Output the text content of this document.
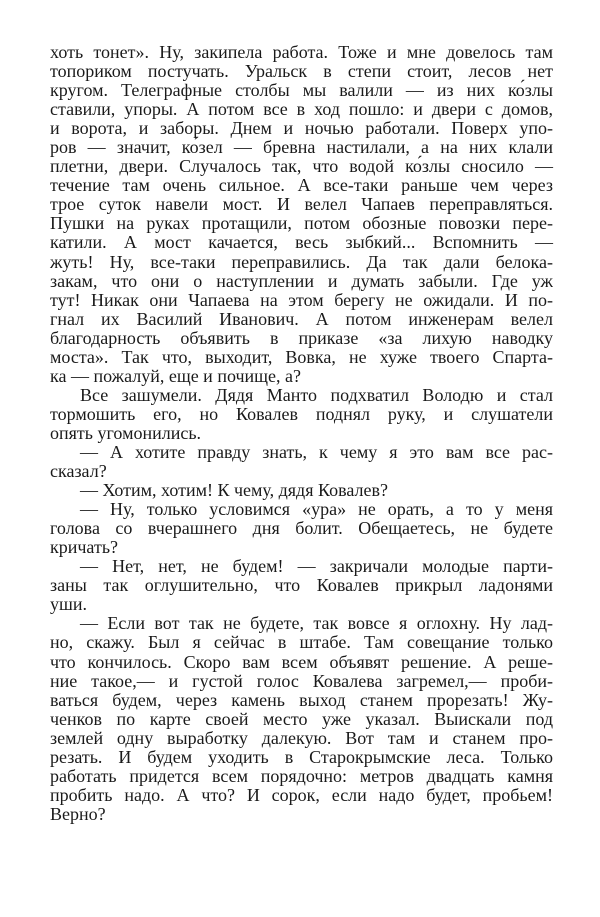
хоть тонет». Ну, закипела работа. Тоже и мне довелось там
топориком постучать. Уральск в степи стоит, лесов нет
кругом. Телеграфные столбы мы валили — из них ко́злы
ставили, упоры. А потом все в ход пошло: и двери с домов,
и ворота, и заборы. Днем и ночью работали. Поверх упо-
ров — значит, ко́зел — бревна настилали, а на них клали
плетни, двери. Случалось так, что водой ко́злы сносило —
течение там очень сильное. А все-таки раньше чем через
трое суток навели мост. И велел Чапаев переправляться.
Пушки на руках протащили, потом обозные повозки пере-
катили. А мост качается, весь зыбкий... Вспомнить —
жуть! Ну, все-таки переправились. Да так дали белока-
закам, что они о наступлении и думать забыли. Где уж
тут! Никак они Чапаева на этом берегу не ожидали. И по-
гнал их Василий Иванович. А потом инженерам велел
благодарность объявить в приказе «за лихую наводку
моста». Так что, выходит, Вовка, не хуже твоего Спарта-
ка — пожалуй, еще и почище, а?
Все зашумели. Дядя Манто подхватил Володю и стал
тормошить его, но Ковалев поднял руку, и слушатели
опять угомонились.
— А хотите правду знать, к чему я это вам все рас-
сказал?
— Хотим, хотим! К чему, дядя Ковалев?
— Ну, только условимся «ура» не орать, а то у меня
голова со вчерашнего дня болит. Обещаетесь, не будете
кричать?
— Нет, нет, не будем! — закричали молодые парти-
заны так оглушительно, что Ковалев прикрыл ладонями
уши.
— Если вот так не будете, так вовсе я оглохну. Ну лад-
но, скажу. Был я сейчас в штабе. Там совещание только
что кончилось. Скоро вам всем объявят решение. А реше-
ние такое,— и густой голос Ковалева загремел,— проби-
ваться будем, через камень выход станем прорезать! Жу-
ченков по карте своей место уже указал. Выискали под
землей одну выработку далекую. Вот там и станем про-
резать. И будем уходить в Старокрымские леса. Только
работать придется всем порядочно: метров двадцать камня
пробить надо. А что? И сорок, если надо будет, пробьем!
Верно?
